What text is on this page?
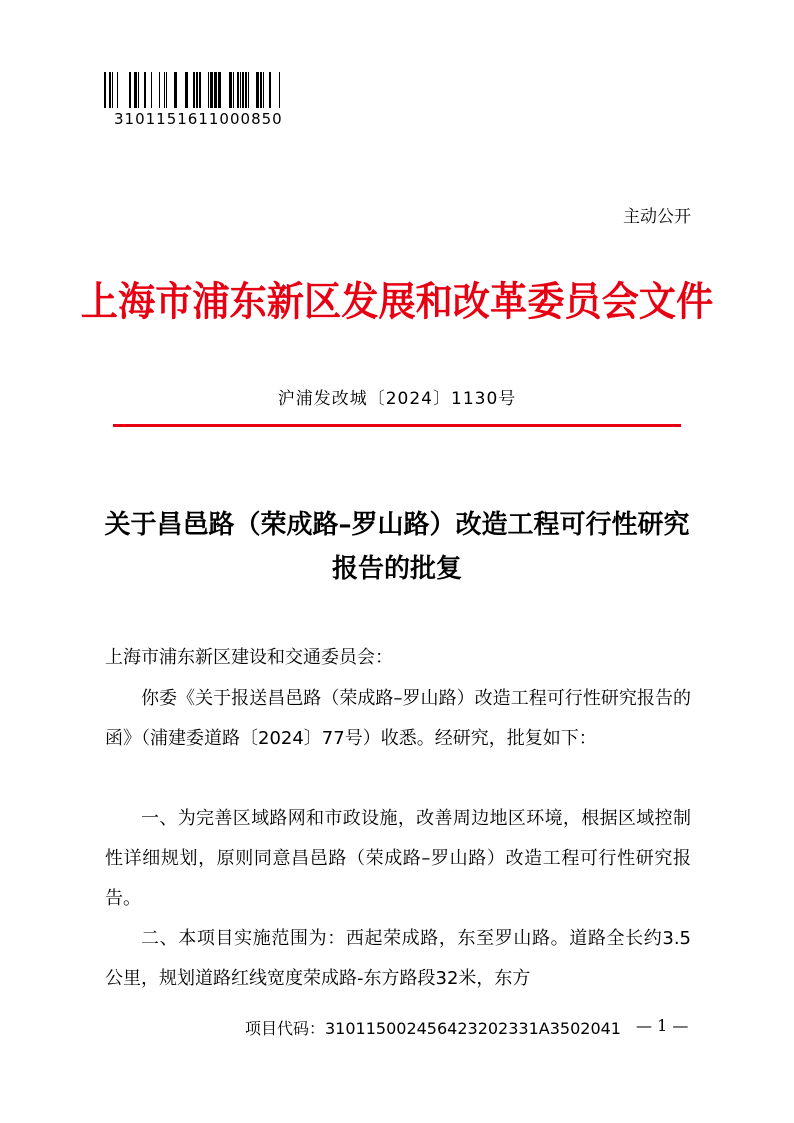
3101151611000850
主动公开
上海市浦东新区发展和改革委员会文件
沪浦发改城〔2024〕1130号
关于昌邑路（荣成路–罗山路）改造工程可行性研究报告的批复
上海市浦东新区建设和交通委员会：
你委《关于报送昌邑路（荣成路–罗山路）改造工程可行性研究报告的函》（浦建委道路〔2024〕77号）收悉。经研究，批复如下：
一、为完善区域路网和市政设施，改善周边地区环境，根据区域控制性详细规划，原则同意昌邑路（荣成路–罗山路）改造工程可行性研究报告。
二、本项目实施范围为：西起荣成路，东至罗山路。道路全长约3.5公里，规划道路红线宽度荣成路-东方路段32米，东方
项目代码：310115002456423202331A3502041 — 1 —
